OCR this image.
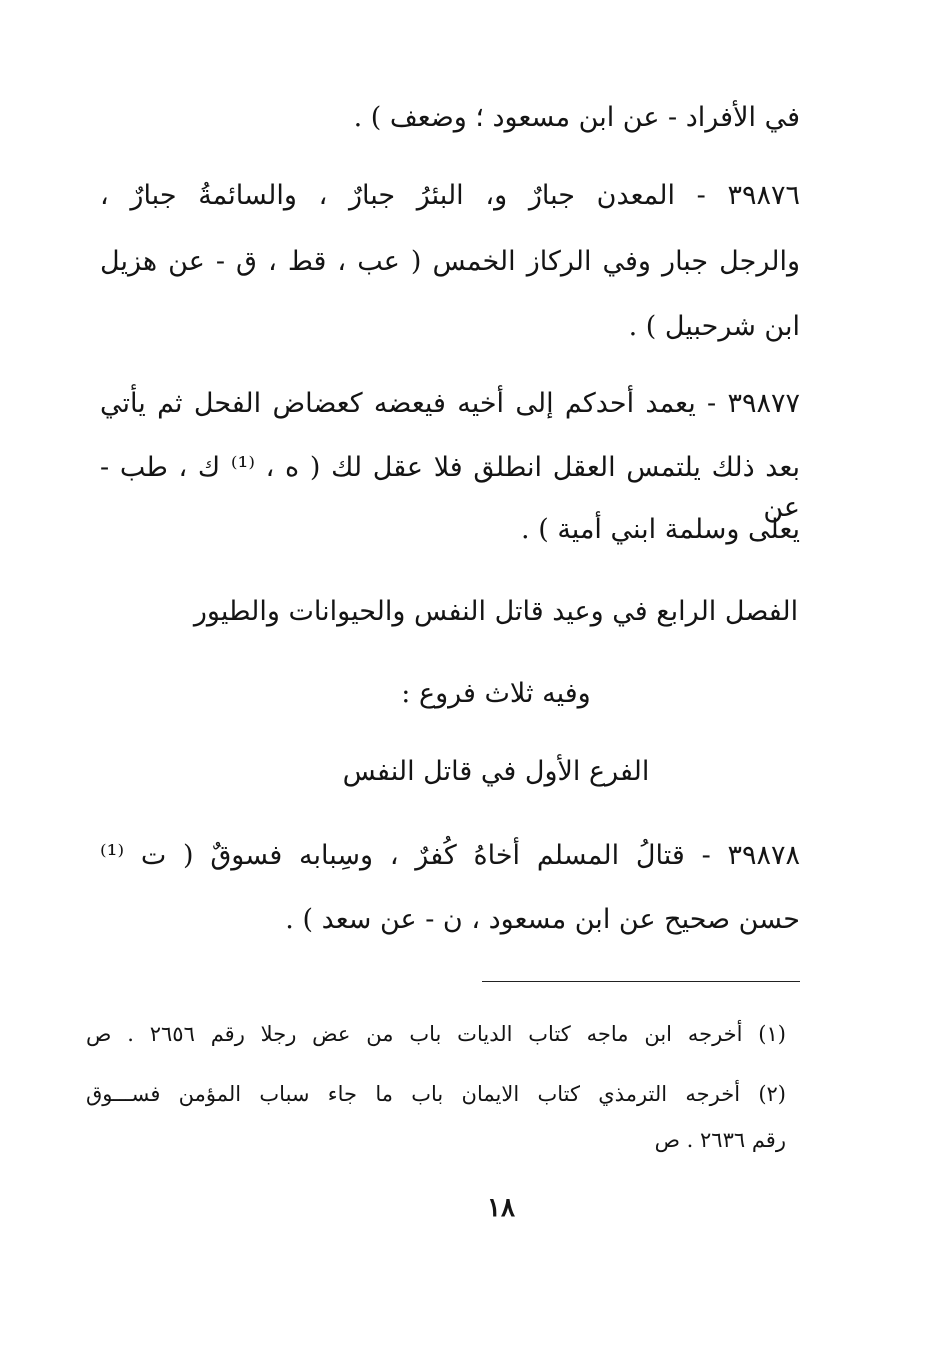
في الأفراد - عن ابن مسعود ؛ وضعف ) .
٣٩٨٧٦ - المعدن جبارٌ و، البئرُ جبارٌ ، والسائمةُ جبارٌ ،
والرجل جبار وفي الركاز الخمس ( عب ، قط ، ق - عن هزيل
ابن شرحبيل ) .
٣٩٨٧٧ - يعمد أحدكم إلى أخيه فيعضه كعضاض الفحل ثم يأتي
بعد ذلك يلتمس العقل انطلق فلا عقل لك ( ه ، ⁽¹⁾ ك ، طب - عن
يعلى وسلمة ابني أمية ) .
الفصل الرابع في وعيد قاتل النفس والحيوانات والطيور
وفيه ثلاث فروع :
الفرع الأول في قاتل النفس
٣٩٨٧٨ - قتالُ المسلم أخاهُ كُفرٌ ، وسِبابه فسوقٌ ( ت ⁽¹⁾
حسن صحيح عن ابن مسعود ، ن - عن سعد ) .
(١) أخرجه ابن ماجه كتاب الديات باب من عض رجلا رقم ٢٦٥٦ . ص
(٢) أخرجه الترمذي كتاب الايمان باب ما جاء سباب المؤمن فســـوق
رقم ٢٦٣٦ . ص
١٨
